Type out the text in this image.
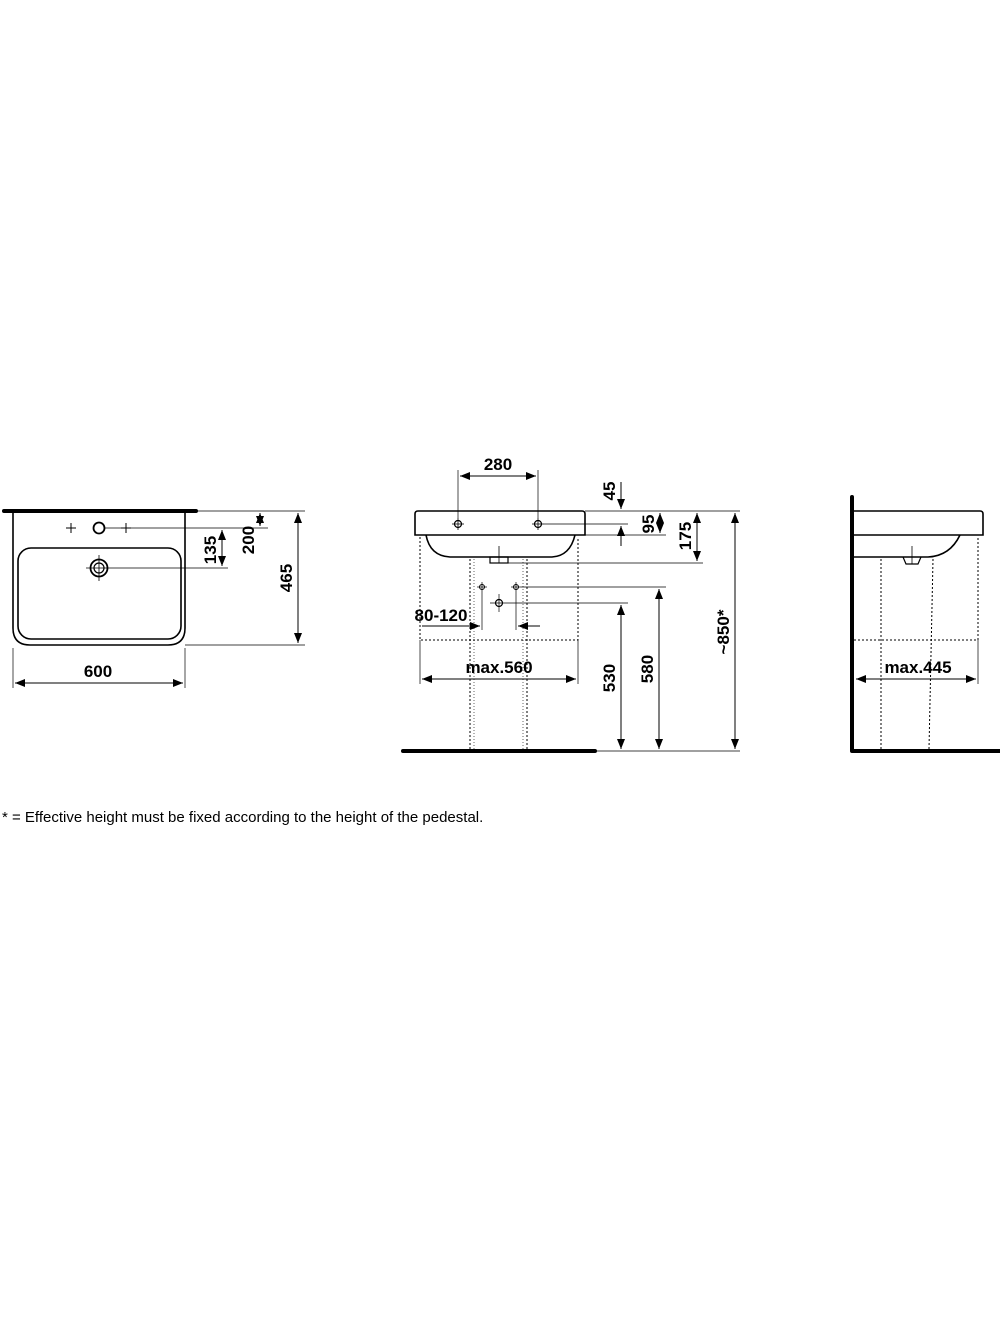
600
465
200
135
280
45
95 175
80-120
max.560	530 580
~850*
max.445
* = Effective height must be fixed according to the height of the pedestal.
